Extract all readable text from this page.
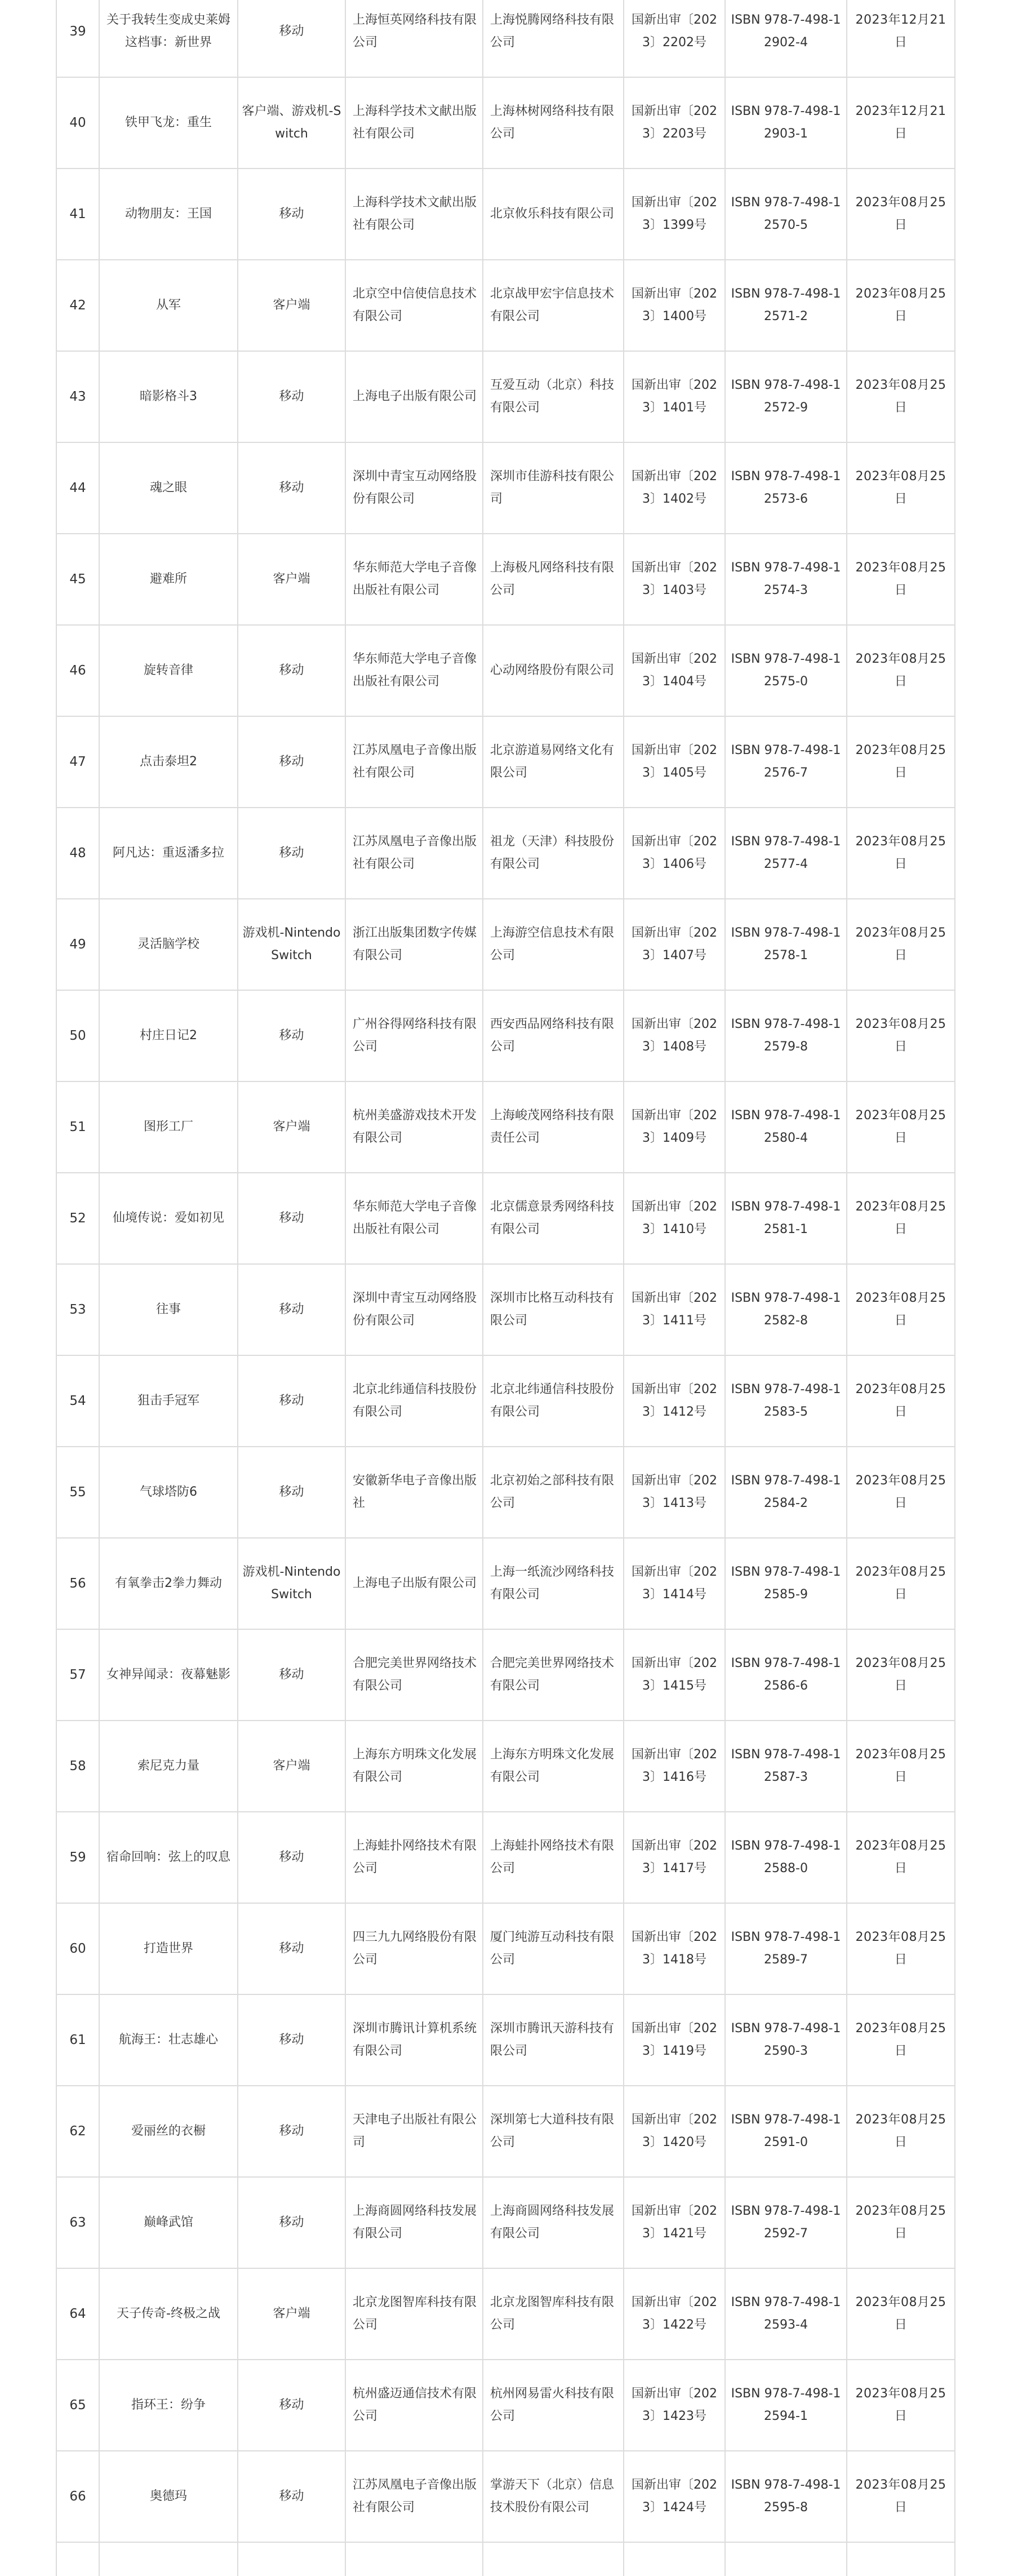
39	关于我转生变成史莱姆这档事：新世界	移动	上海恒英网络科技有限公司	上海悦腾网络科技有限公司	国新出审〔2023〕2202号	ISBN 978-7-498-12902-4	2023年12月21日
40	铁甲飞龙：重生	客户端、游戏机-Switch	上海科学技术文献出版社有限公司	上海林树网络科技有限公司	国新出审〔2023〕2203号	ISBN 978-7-498-12903-1	2023年12月21日
41	动物朋友：王国	移动	上海科学技术文献出版社有限公司	北京攸乐科技有限公司	国新出审〔2023〕1399号	ISBN 978-7-498-12570-5	2023年08月25日
42	从军	客户端	北京空中信使信息技术有限公司	北京战甲宏宇信息技术有限公司	国新出审〔2023〕1400号	ISBN 978-7-498-12571-2	2023年08月25日
43	暗影格斗3	移动	上海电子出版有限公司	互爱互动（北京）科技有限公司	国新出审〔2023〕1401号	ISBN 978-7-498-12572-9	2023年08月25日
44	魂之眼	移动	深圳中青宝互动网络股份有限公司	深圳市佳游科技有限公司	国新出审〔2023〕1402号	ISBN 978-7-498-12573-6	2023年08月25日
45	避难所	客户端	华东师范大学电子音像出版社有限公司	上海极凡网络科技有限公司	国新出审〔2023〕1403号	ISBN 978-7-498-12574-3	2023年08月25日
46	旋转音律	移动	华东师范大学电子音像出版社有限公司	心动网络股份有限公司	国新出审〔2023〕1404号	ISBN 978-7-498-12575-0	2023年08月25日
47	点击泰坦2	移动	江苏凤凰电子音像出版社有限公司	北京游道易网络文化有限公司	国新出审〔2023〕1405号	ISBN 978-7-498-12576-7	2023年08月25日
48	阿凡达：重返潘多拉	移动	江苏凤凰电子音像出版社有限公司	祖龙（天津）科技股份有限公司	国新出审〔2023〕1406号	ISBN 978-7-498-12577-4	2023年08月25日
49	灵活脑学校	游戏机-Nintendo Switch	浙江出版集团数字传媒有限公司	上海游空信息技术有限公司	国新出审〔2023〕1407号	ISBN 978-7-498-12578-1	2023年08月25日
50	村庄日记2	移动	广州谷得网络科技有限公司	西安西品网络科技有限公司	国新出审〔2023〕1408号	ISBN 978-7-498-12579-8	2023年08月25日
51	图形工厂	客户端	杭州美盛游戏技术开发有限公司	上海峻茂网络科技有限责任公司	国新出审〔2023〕1409号	ISBN 978-7-498-12580-4	2023年08月25日
52	仙境传说：爱如初见	移动	华东师范大学电子音像出版社有限公司	北京儒意景秀网络科技有限公司	国新出审〔2023〕1410号	ISBN 978-7-498-12581-1	2023年08月25日
53	往事	移动	深圳中青宝互动网络股份有限公司	深圳市比格互动科技有限公司	国新出审〔2023〕1411号	ISBN 978-7-498-12582-8	2023年08月25日
54	狙击手冠军	移动	北京北纬通信科技股份有限公司	北京北纬通信科技股份有限公司	国新出审〔2023〕1412号	ISBN 978-7-498-12583-5	2023年08月25日
55	气球塔防6	移动	安徽新华电子音像出版社	北京初始之部科技有限公司	国新出审〔2023〕1413号	ISBN 978-7-498-12584-2	2023年08月25日
56	有氧拳击2拳力舞动	游戏机-Nintendo Switch	上海电子出版有限公司	上海一纸流沙网络科技有限公司	国新出审〔2023〕1414号	ISBN 978-7-498-12585-9	2023年08月25日
57	女神异闻录：夜幕魅影	移动	合肥完美世界网络技术有限公司	合肥完美世界网络技术有限公司	国新出审〔2023〕1415号	ISBN 978-7-498-12586-6	2023年08月25日
58	索尼克力量	客户端	上海东方明珠文化发展有限公司	上海东方明珠文化发展有限公司	国新出审〔2023〕1416号	ISBN 978-7-498-12587-3	2023年08月25日
59	宿命回响：弦上的叹息	移动	上海蛙扑网络技术有限公司	上海蛙扑网络技术有限公司	国新出审〔2023〕1417号	ISBN 978-7-498-12588-0	2023年08月25日
60	打造世界	移动	四三九九网络股份有限公司	厦门纯游互动科技有限公司	国新出审〔2023〕1418号	ISBN 978-7-498-12589-7	2023年08月25日
61	航海王：壮志雄心	移动	深圳市腾讯计算机系统有限公司	深圳市腾讯天游科技有限公司	国新出审〔2023〕1419号	ISBN 978-7-498-12590-3	2023年08月25日
62	爱丽丝的衣橱	移动	天津电子出版社有限公司	深圳第七大道科技有限公司	国新出审〔2023〕1420号	ISBN 978-7-498-12591-0	2023年08月25日
63	巅峰武馆	移动	上海商圆网络科技发展有限公司	上海商圆网络科技发展有限公司	国新出审〔2023〕1421号	ISBN 978-7-498-12592-7	2023年08月25日
64	天子传奇-终极之战	客户端	北京龙图智库科技有限公司	北京龙图智库科技有限公司	国新出审〔2023〕1422号	ISBN 978-7-498-12593-4	2023年08月25日
65	指环王：纷争	移动	杭州盛迈通信技术有限公司	杭州网易雷火科技有限公司	国新出审〔2023〕1423号	ISBN 978-7-498-12594-1	2023年08月25日
66	奥德玛	移动	江苏凤凰电子音像出版社有限公司	掌游天下（北京）信息技术股份有限公司	国新出审〔2023〕1424号	ISBN 978-7-498-12595-8	2023年08月25日
